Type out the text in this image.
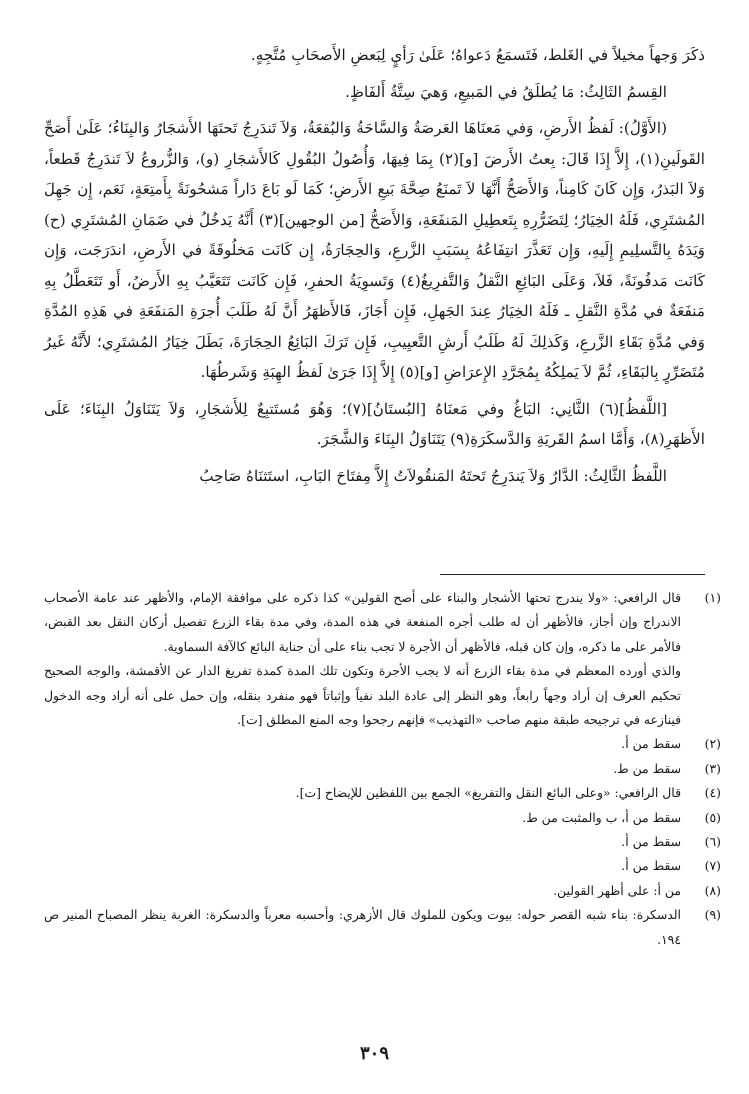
ذكَرَ وَجهاً مخيلاً في الغَلط، فَتَسمَعُ دَعواهُ؛ عَلَىٰ رَأيٍ لِبَعضِ الأَصحَابِ مُتَّجِهٍ.

القِسمُ الثَالِثُ: مَا يُطلَقُ في المَبيعِ، وَهيَ سِتَّةُ أَلفَاظٍ.

(الأَوَّلُ): لَفظُ الأَرضِ، وَفي مَعنَاهَا العَرصَةُ وَالسَّاحَةُ وَالبُقعَةُ، وَلاَ تَندَرِجُ تَحتَهَا الأَشجَارُ وَالبِنَاءُ؛ عَلَىٰ أَصَحِّ القَولَينِ(١)، إِلاَّ إِذَا قَالَ: بِعتُ الأَرضَ [و](٢) بِمَا فِيهَا، وَأُصُولُ البُقُولِ كَالأَشجَارِ (و)، وَالزُّروعُ لاَ تَندَرِجُ قَطعاً، وَلاَ البَذرُ، وَإِن كَانَ كَامِناً، وَالأَصَحُّ أَنَّهَا لاَ تَمنَعُ صِحَّةَ بَيعِ الأَرضِ؛ كَمَا لَو بَاعَ دَاراً مَشحُونَةً بِأَمتِعَةٍ، نَعَم، إِن جَهِلَ المُشتَرِي، فَلَهُ الخِيَارُ؛ لِتَضَرُّرِهِ بِتَعطِيلِ المَنفَعَةِ، وَالأَصَحُّ [من الوجهين](٣) أَنَّهُ يَدخُلُ في ضَمَانِ المُشتَرِي (ح) وَيَدَهُ بِالتَّسلِيمِ إِلَيهِ، وَإِن تَعَذَّرَ انتِفَاعُهُ بِسَبَبِ الزَّرعِ، وَالحِجَارَةُ، إِن كَانَت مَخلُوقَةً في الأَرضِ، اندَرَجَت، وَإِن كَانَت مَدفُونَةً، فَلاَ، وَعَلَى البَائِعِ النَّقلُ وَالتَّفرِيغُ(٤) وَتَسوِيَةُ الحفرِ، فَإِن كَانَت تَتَعَيَّبُ بِهِ الأَرضُ، أَو تَتَعَطَّلُ بِهِ مَنفَعَةٌ في مُدَّةِ النَّقلِ ـ فَلَهُ الخِيَارُ عِندَ الجَهلِ، فَإِن أَجَازَ، فَالأَظهَرُ أَنَّ لَهُ طَلَبَ أُجرَةِ المَنفَعَةِ في هَذِهِ المُدَّةِ وَفي مُدَّةِ بَقَاءِ الزَّرعِ، وَكَذلِكَ لَهُ طَلَبُ أَرشِ التَّعيِيبِ، فَإِن تَرَكَ البَائِعُ الحِجَارَةَ، بَطَلَ خِيَارُ المُشتَرِي؛ لأَنَّهُ غَيرُ مُتَضَرِّرٍ بِالبَقَاءِ، ثُمَّ لاَ يَملِكُهُ بِمُجَرَّدِ الإِعرَاضِ [و](٥) إِلاَّ إِذَا جَرَىٰ لَفظُ الهِبَةِ وَشَرطُهَا.

[اللَّفظُ](٦) الثَّانِي: البَاغُ وفي مَعنَاهُ [البُستَانُ](٧)؛ وَهُوَ مُستَتبِعٌ لِلأَشجَارِ، وَلاَ يَتَنَاوَلُ البِنَاءَ؛ عَلَى الأَظهَرِ(٨)، وَأَمَّا اسمُ القَريَةِ وَالدَّسكَرَةِ(٩) يَتَنَاوَلُ البِنَاءَ وَالشَّجَرَ.

اللَّفظُ الثَّالِثُ: الدَّارُ وَلاَ يَندَرِجُ تَحتَهُ المَنقُولاَتُ إِلاَّ مِفتَاحَ البَابِ، استَثنَاهُ صَاحِبُ

(١)
قال الرافعي: «ولا يندرج تحتها الأشجار والبناء على أصح القولين» كذا ذكره على موافقة الإمام، والأظهر عند عامة الأصحاب الاندراج وإن أجاز، فالأظهر أن له طلب أجره المنفعة في هذه المدة، وفي مدة بقاء الزرع تفصيل أركان النقل بعد القبض، فالأمر على ما ذكره، وإن كان قبله، فالأظهر أن الأجرة لا تجب بناء على أن جناية البائع كالآفة السماوية.
والذي أورده المعظم في مدة بقاء الزرع أنه لا يجب الأجرة وتكون تلك المدة كمدة تفريغ الدار عن الأقمشة، والوجه الصحيح تحكيم العرف إن أراد وجهاً رابعاً، وهو النظر إلى عادة البلد نفياً وإثباتاً فهو منفرد بنقله، وإن حمل على أنه أراد وجه الدخول فينازعه في ترجيحه طبقة منهم صاحب «التهذيب» فإنهم رجحوا وجه المنع المطلق [ت].
(٢)
سقط من أ.
(٣)
سقط من ط.
(٤)
قال الرافعي: «وعلى البائع النقل والتفريغ» الجمع بين اللفظين للإيضاح [ت].
(٥)
سقط من أ، ب والمثبت من ط.
(٦)
سقط من أ.
(٧)
سقط من أ.
(٨)
من أ: على أظهر القولين.
(٩)
الدسكرة: بناء شبه القصر حوله: بيوت ويكون للملوك قال الأزهري: وأحسبه معرباً والدسكرة: الغربة ينظر المصباح المنير ص ١٩٤.
٣٠٩
